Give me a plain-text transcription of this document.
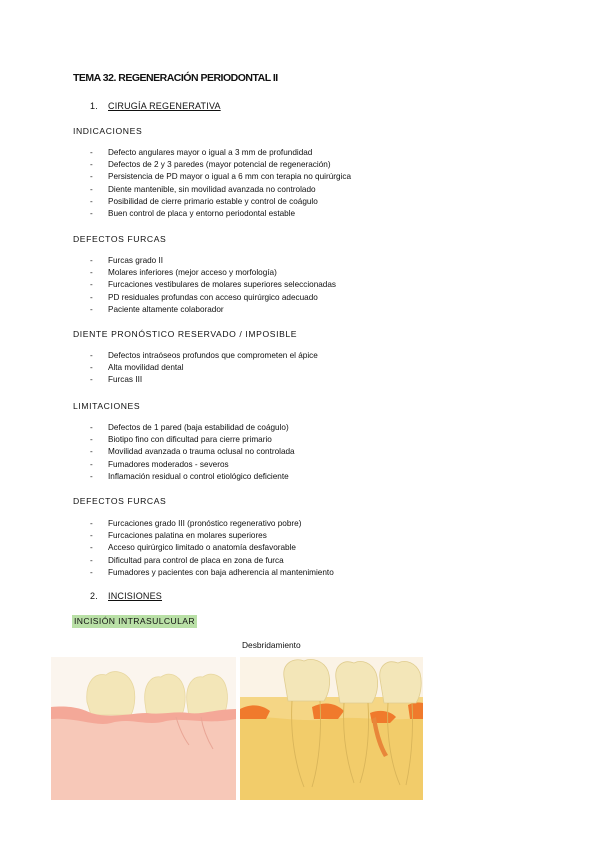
TEMA 32. REGENERACIÓN PERIODONTAL II
1. CIRUGÍA REGENERATIVA
INDICACIONES
- Defecto angulares mayor o igual a 3 mm de profundidad
- Defectos de 2 y 3 paredes (mayor potencial de regeneración)
- Persistencia de PD mayor o igual a 6 mm con terapia no quirúrgica
- Diente mantenible, sin movilidad avanzada no controlado
- Posibilidad de cierre primario estable y control de coágulo
- Buen control de placa y entorno periodontal estable
DEFECTOS FURCAS
- Furcas grado II
- Molares inferiores (mejor acceso y morfología)
- Furcaciones vestibulares de molares superiores seleccionadas
- PD residuales profundas con acceso quirúrgico adecuado
- Paciente altamente colaborador
DIENTE PRONÓSTICO RESERVADO / IMPOSIBLE
- Defectos intraóseos profundos que comprometen el ápice
- Alta movilidad dental
- Furcas III
LIMITACIONES
- Defectos de 1 pared (baja estabilidad de coágulo)
- Biotipo fino con dificultad para cierre primario
- Movilidad avanzada o trauma oclusal no controlada
- Fumadores moderados - severos
- Inflamación residual o control etiológico deficiente
DEFECTOS FURCAS
- Furcaciones grado III (pronóstico regenerativo pobre)
- Furcaciones palatina en molares superiores
- Acceso quirúrgico limitado o anatomía desfavorable
- Dificultad para control de placa en zona de furca
- Fumadores y pacientes con baja adherencia al mantenimiento
2. INCISIONES
INCISIÓN INTRASULCULAR
Desbridamiento
